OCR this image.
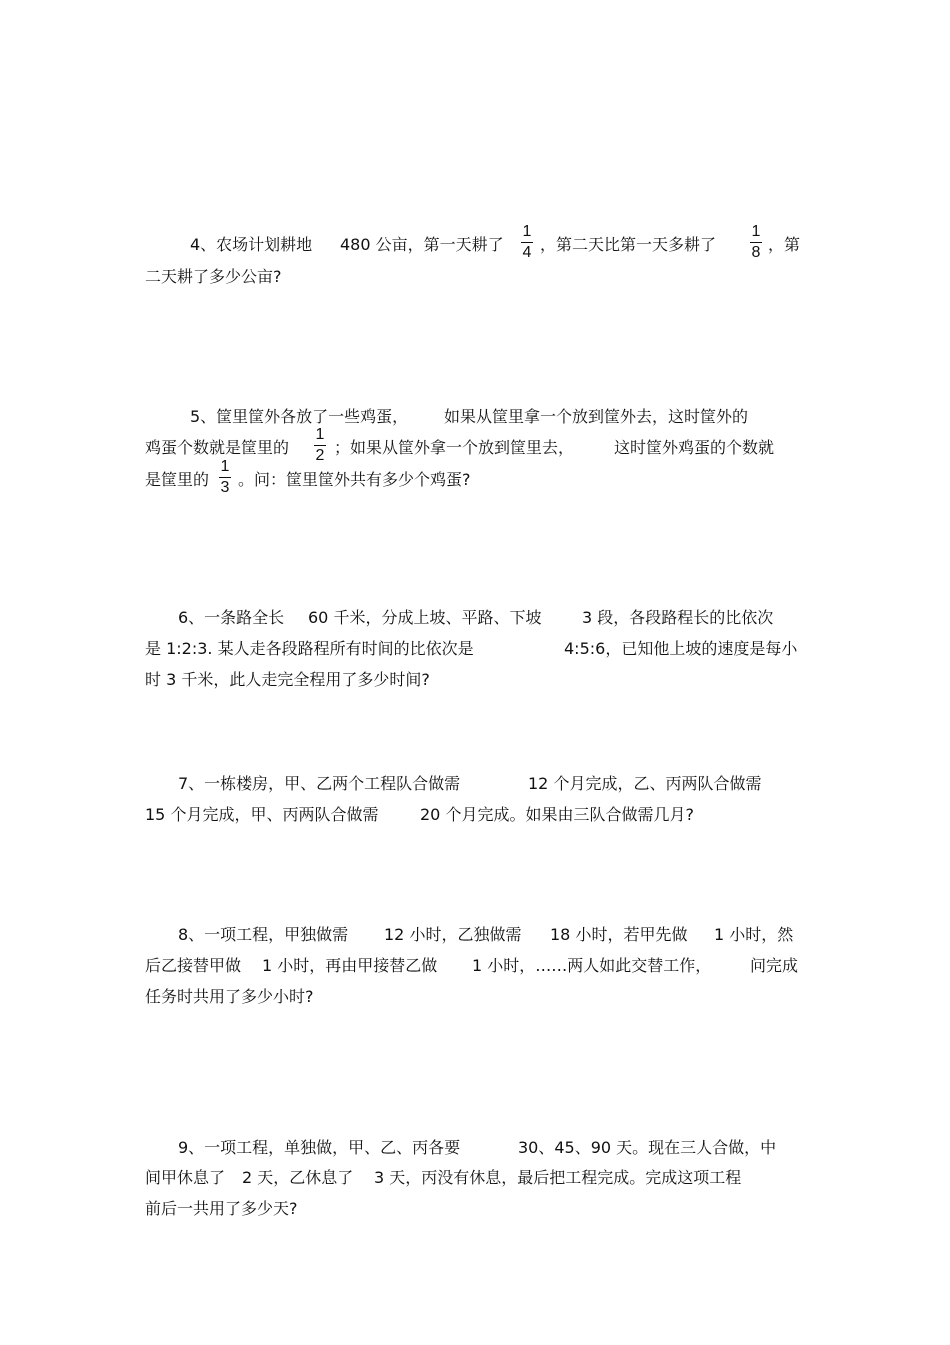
4、农场计划耕地 480 公亩，第一天耕了
1
4 ，第二天比第一天多耕了
1
8 ，第
二天耕了多少公亩?
5、筐里筐外各放了一些鸡蛋， 如果从筐里拿一个放到筐外去，这时筐外的
鸡蛋个数就是筐里的
1
2 ；如果从筐外拿一个放到筐里去， 这时筐外鸡蛋的个数就
是筐里的
1
3 。问：筐里筐外共有多少个鸡蛋?
6、一条路全长 60 千米，分成上坡、平路、下坡	3 段，各段路程长的比依次
是 1:2:3. 某人走各段路程所有时间的比依次是	4:5:6，已知他上坡的速度是每小
时 3 千米，此人走完全程用了多少时间?
7、一栋楼房，甲、乙两个工程队合做需	12 个月完成，乙、丙两队合做需
15 个月完成，甲、丙两队合做需	20 个月完成。如果由三队合做需几月?
8、一项工程，甲独做需 12 小时，乙独做需 18 小时，若甲先做 1 小时，然
后乙接替甲做 1 小时，再由甲接替乙做 1 小时，……两人如此交替工作， 问完成
任务时共用了多少小时?
9、一项工程，单独做，甲、乙、丙各要	30、45、90 天。现在三人合做，中
间甲休息了 2 天，乙休息了 3 天，丙没有休息，最后把工程完成。完成这项工程
前后一共用了多少天?
